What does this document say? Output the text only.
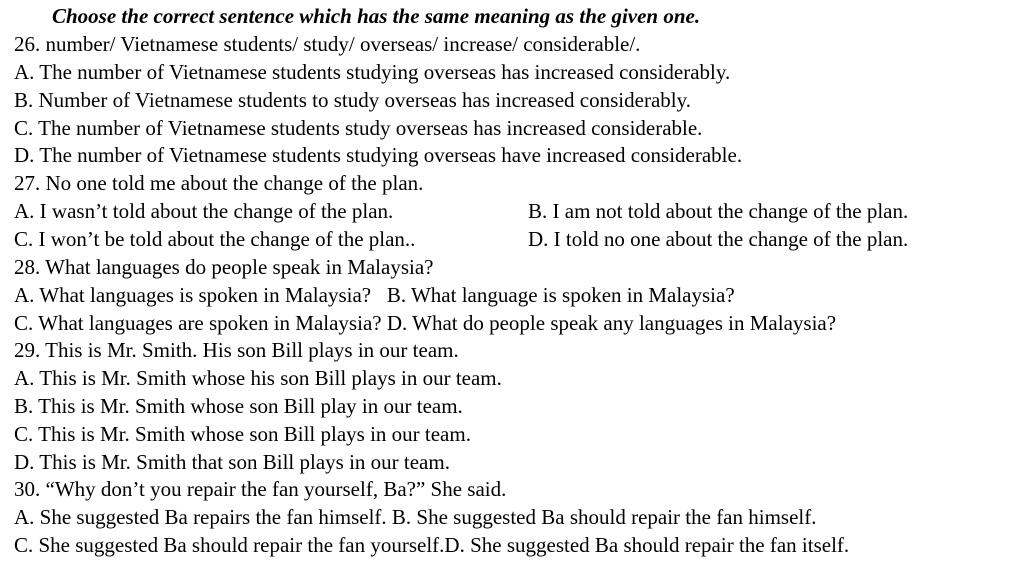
Choose the correct sentence which has the same meaning as the given one.
26. number/ Vietnamese students/ study/ overseas/ increase/ considerable/.
A. The number of Vietnamese students studying overseas has increased considerably.
B. Number of Vietnamese students to study overseas has increased considerably.
C. The number of Vietnamese students study overseas has increased considerable.
D. The number of Vietnamese students studying overseas have increased considerable.
27. No one told me about the change of the plan.
A. I wasn’t told about the change of the plan.	B. I am not told about the change of the plan.
C. I won’t be told about the change of the plan..	D. I told no one about the change of the plan.
28. What languages do people speak in Malaysia?
A. What languages is spoken in Malaysia?   B. What language is spoken in Malaysia?
C. What languages are spoken in Malaysia? D. What do people speak any languages in Malaysia?
29. This is Mr. Smith. His son Bill plays in our team.
A. This is Mr. Smith whose his son Bill plays in our team.
B. This is Mr. Smith whose son Bill play in our team.
C. This is Mr. Smith whose son Bill plays in our team.
D. This is Mr. Smith that son Bill plays in our team.
30. “Why don’t you repair the fan yourself, Ba?” She said.
A. She suggested Ba repairs the fan himself. B. She suggested Ba should repair the fan himself.
C. She suggested Ba should repair the fan yourself.D. She suggested Ba should repair the fan itself.
